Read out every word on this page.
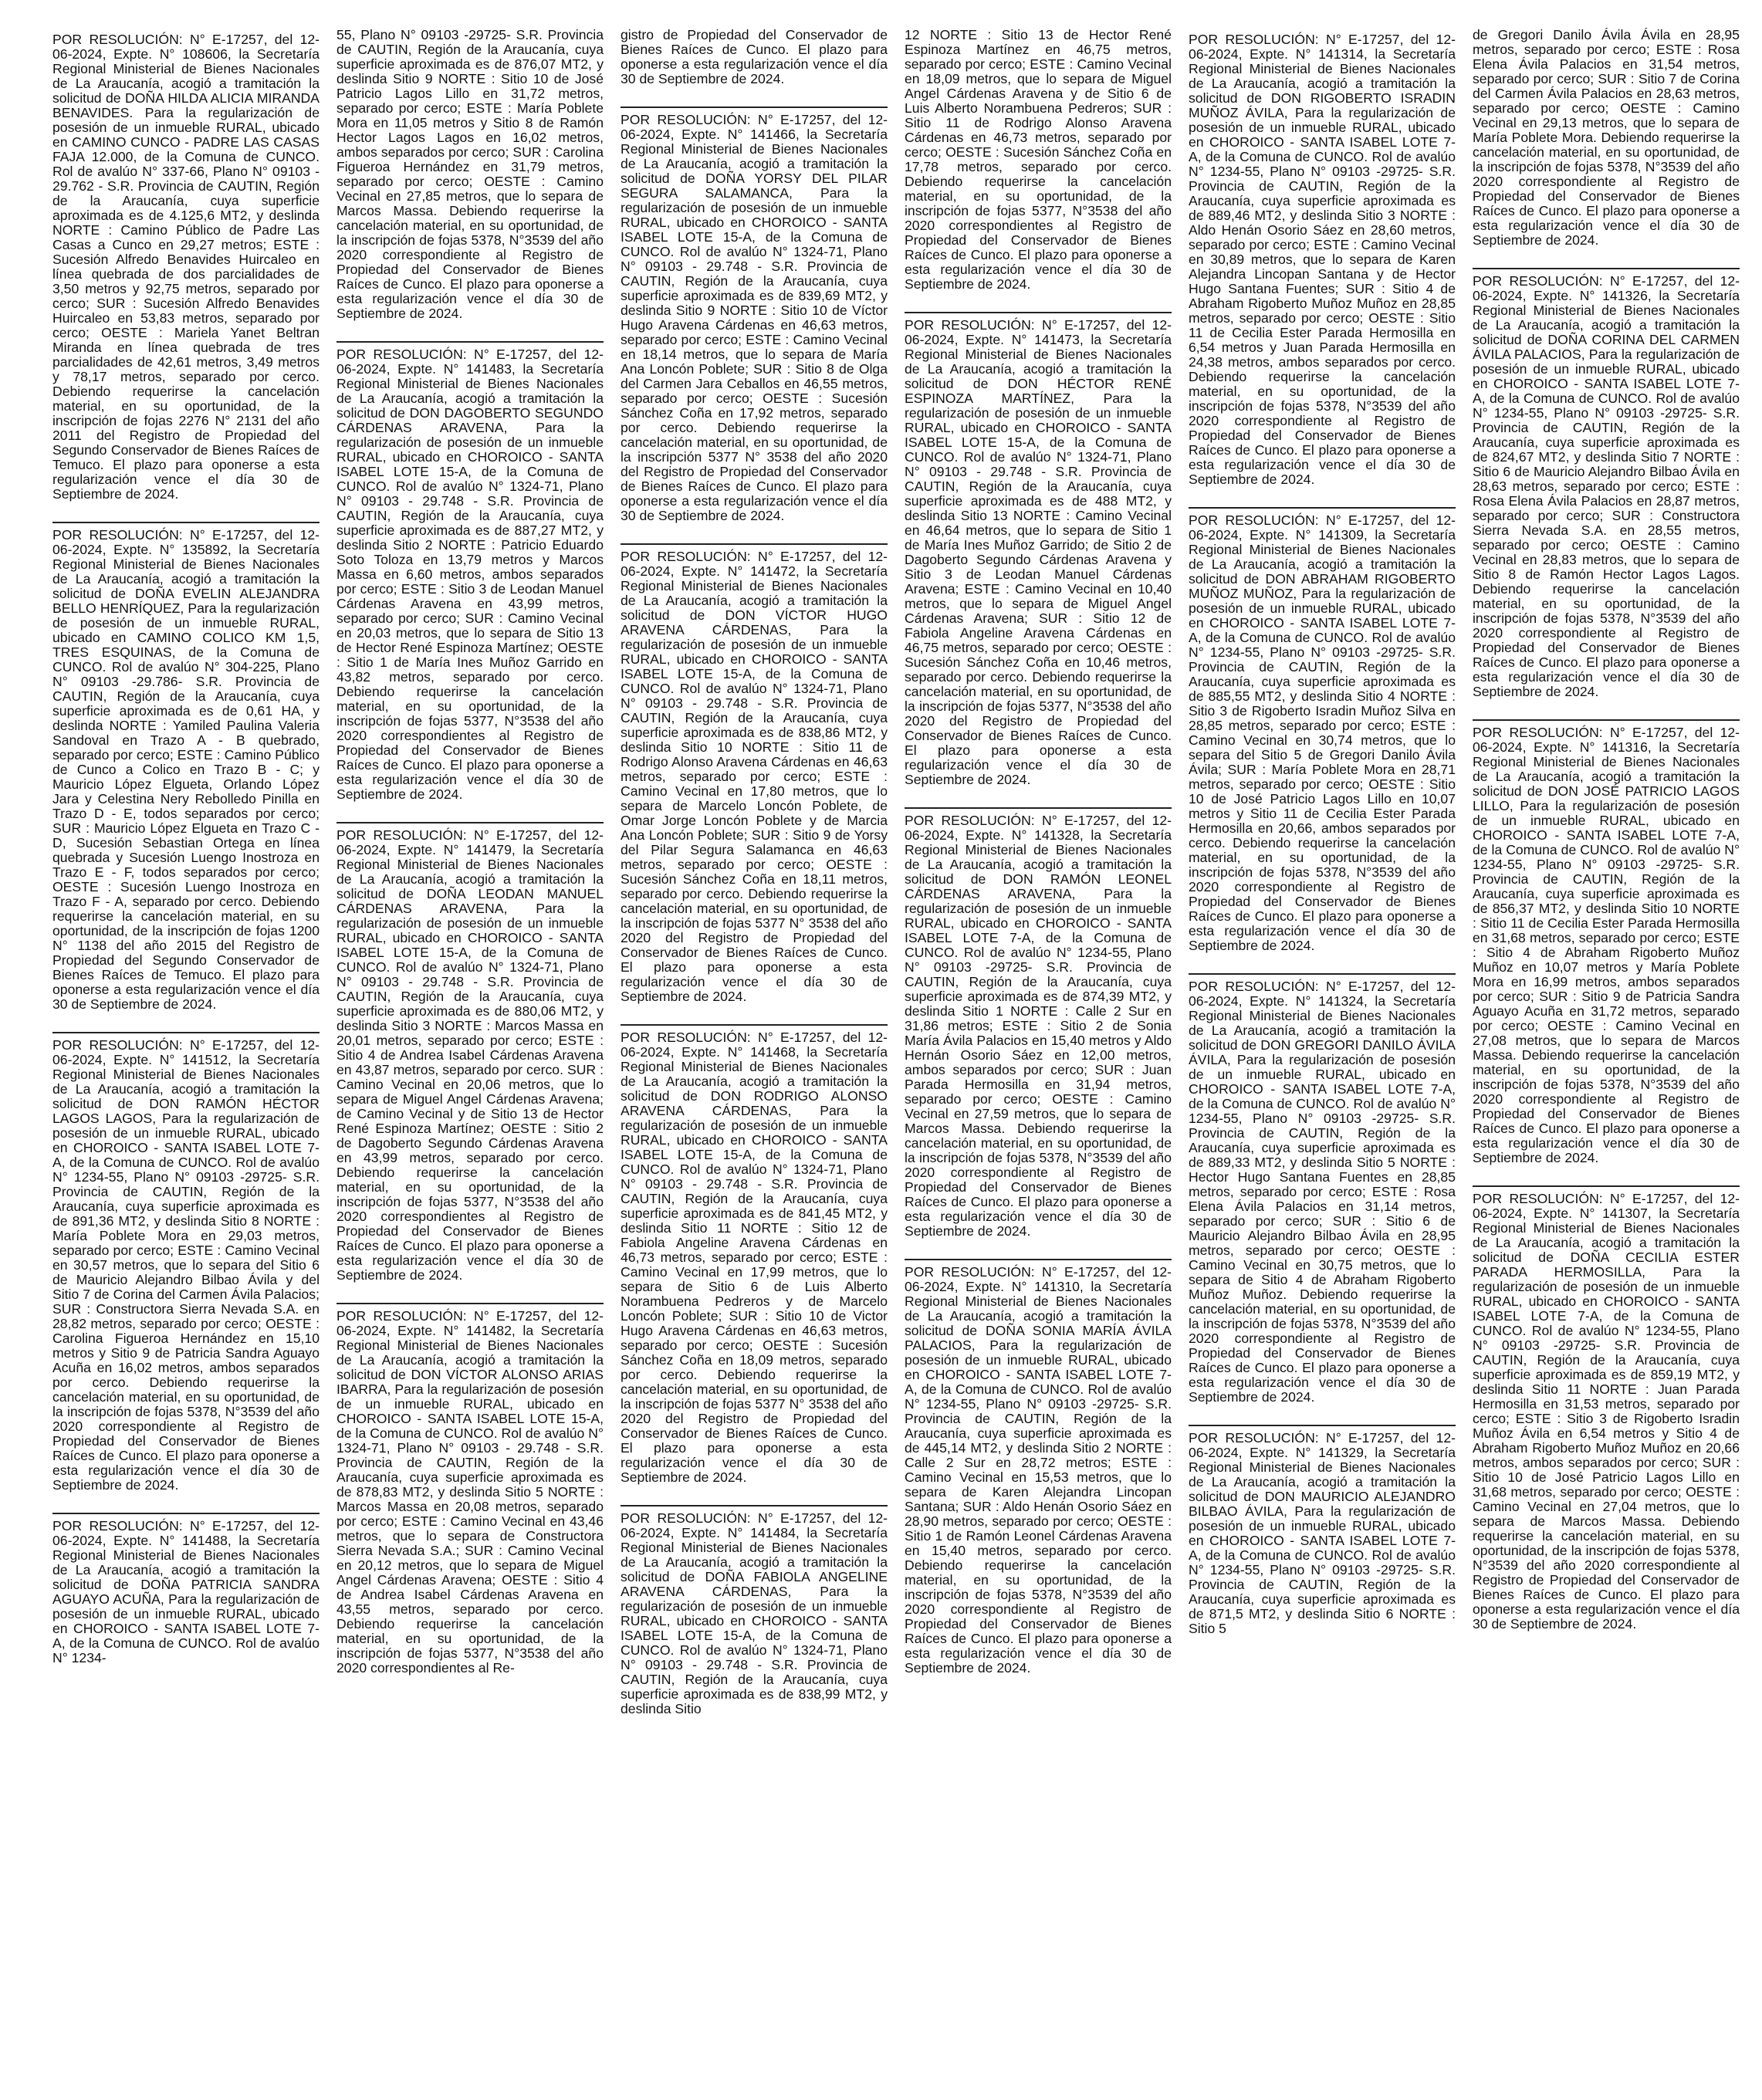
POR RESOLUCIÓN: N° E-17257, del 12-06-2024, Expte. N° 108606, la Secretaría Regional Ministerial de Bienes Nacionales de La Araucanía, acogió a tramitación la solicitud de DOÑA HILDA ALICIA MIRANDA BENAVIDES. Para la regularización de posesión de un inmueble RURAL, ubicado en CAMINO CUNCO - PADRE LAS CASAS FAJA 12.000, de la Comuna de CUNCO. Rol de avalúo N° 337-66, Plano N° 09103 - 29.762 - S.R. Provincia de CAUTIN, Región de la Araucanía, cuya superficie aproximada es de 4.125,6 MT2, y deslinda NORTE : Camino Público de Padre Las Casas a Cunco en 29,27 metros; ESTE : Sucesión Alfredo Benavides Huircaleo en línea quebrada de dos parcialidades de 3,50 metros y 92,75 metros, separado por cerco; SUR : Sucesión Alfredo Benavides Huircaleo en 53,83 metros, separado por cerco; OESTE : Mariela Yanet Beltran Miranda en línea quebrada de tres parcialidades de 42,61 metros, 3,49 metros y 78,17 metros, separado por cerco. Debiendo requerirse la cancelación material, en su oportunidad, de la inscripción de fojas 2276 N° 2131 del año 2011 del Registro de Propiedad del Segundo Conservador de Bienes Raíces de Temuco. El plazo para oponerse a esta regularización vence el día 30 de Septiembre de 2024.

POR RESOLUCIÓN: N° E-17257, del 12-06-2024, Expte. N° 135892, la Secretaría Regional Ministerial de Bienes Nacionales de La Araucanía, acogió a tramitación la solicitud de DOÑA EVELIN ALEJANDRA BELLO HENRÍQUEZ, Para la regularización de posesión de un inmueble RURAL, ubicado en CAMINO COLICO KM 1,5, TRES ESQUINAS, de la Comuna de CUNCO. Rol de avalúo N° 304-225, Plano N° 09103 -29.786- S.R. Provincia de CAUTIN, Región de la Araucanía, cuya superficie aproximada es de 0,61 HA, y deslinda NORTE : Yamiled Paulina Valeria Sandoval en Trazo A - B quebrado, separado por cerco; ESTE : Camino Público de Cunco a Colico en Trazo B - C; y Mauricio López Elgueta, Orlando López Jara y Celestina Nery Rebolledo Pinilla en Trazo D - E, todos separados por cerco; SUR : Mauricio López Elgueta en Trazo C - D, Sucesión Sebastian Ortega en línea quebrada y Sucesión Luengo Inostroza en Trazo E - F, todos separados por cerco; OESTE : Sucesión Luengo Inostroza en Trazo F - A, separado por cerco. Debiendo requerirse la cancelación material, en su oportunidad, de la inscripción de fojas 1200 N° 1138 del año 2015 del Registro de Propiedad del Segundo Conservador de Bienes Raíces de Temuco. El plazo para oponerse a esta regularización vence el día 30 de Septiembre de 2024.

POR RESOLUCIÓN: N° E-17257, del 12-06-2024, Expte. N° 141512, la Secretaría Regional Ministerial de Bienes Nacionales de La Araucanía, acogió a tramitación la solicitud de DON RAMÓN HÉCTOR LAGOS LAGOS, Para la regularización de posesión de un inmueble RURAL, ubicado en CHOROICO - SANTA ISABEL LOTE 7-A, de la Comuna de CUNCO. Rol de avalúo N° 1234-55, Plano N° 09103 -29725- S.R. Provincia de CAUTIN, Región de la Araucanía, cuya superficie aproximada es de 891,36 MT2, y deslinda Sitio 8 NORTE : María Poblete Mora en 29,03 metros, separado por cerco; ESTE : Camino Vecinal en 30,57 metros, que lo separa del Sitio 6 de Mauricio Alejandro Bilbao Ávila y del Sitio 7 de Corina del Carmen Ávila Palacios; SUR : Constructora Sierra Nevada S.A. en 28,82 metros, separado por cerco; OESTE : Carolina Figueroa Hernández en 15,10 metros y Sitio 9 de Patricia Sandra Aguayo Acuña en 16,02 metros, ambos separados por cerco. Debiendo requerirse la cancelación material, en su oportunidad, de la inscripción de fojas 5378, N°3539 del año 2020 correspondiente al Registro de Propiedad del Conservador de Bienes Raíces de Cunco. El plazo para oponerse a esta regularización vence el día 30 de Septiembre de 2024.

POR RESOLUCIÓN: N° E-17257, del 12-06-2024, Expte. N° 141488, la Secretaría Regional Ministerial de Bienes Nacionales de La Araucanía, acogió a tramitación la solicitud de DOÑA PATRICIA SANDRA AGUAYO ACUÑA, Para la regularización de posesión de un inmueble RURAL, ubicado en CHOROICO - SANTA ISABEL LOTE 7-A, de la Comuna de CUNCO. Rol de avalúo N° 1234-

55, Plano N° 09103 -29725- S.R. Provincia de CAUTIN, Región de la Araucanía, cuya superficie aproximada es de 876,07 MT2, y deslinda Sitio 9 NORTE : Sitio 10 de José Patricio Lagos Lillo en 31,72 metros, separado por cerco; ESTE : María Poblete Mora en 11,05 metros y Sitio 8 de Ramón Hector Lagos Lagos en 16,02 metros, ambos separados por cerco; SUR : Carolina Figueroa Hernández en 31,79 metros, separado por cerco; OESTE : Camino Vecinal en 27,85 metros, que lo separa de Marcos Massa. Debiendo requerirse la cancelación material, en su oportunidad, de la inscripción de fojas 5378, N°3539 del año 2020 correspondiente al Registro de Propiedad del Conservador de Bienes Raíces de Cunco. El plazo para oponerse a esta regularización vence el día 30 de Septiembre de 2024.

POR RESOLUCIÓN: N° E-17257, del 12-06-2024, Expte. N° 141483, la Secretaría Regional Ministerial de Bienes Nacionales de La Araucanía, acogió a tramitación la solicitud de DON DAGOBERTO SEGUNDO CÁRDENAS ARAVENA, Para la regularización de posesión de un inmueble RURAL, ubicado en CHOROICO - SANTA ISABEL LOTE 15-A, de la Comuna de CUNCO. Rol de avalúo N° 1324-71, Plano N° 09103 - 29.748 - S.R. Provincia de CAUTIN, Región de la Araucanía, cuya superficie aproximada es de 887,27 MT2, y deslinda Sitio 2 NORTE : Patricio Eduardo Soto Toloza en 13,79 metros y Marcos Massa en 6,60 metros, ambos separados por cerco; ESTE : Sitio 3 de Leodan Manuel Cárdenas Aravena en 43,99 metros, separado por cerco; SUR : Camino Vecinal en 20,03 metros, que lo separa de Sitio 13 de Hector René Espinoza Martínez; OESTE : Sitio 1 de María Ines Muñoz Garrido en 43,82 metros, separado por cerco. Debiendo requerirse la cancelación material, en su oportunidad, de la inscripción de fojas 5377, N°3538 del año 2020 correspondientes al Registro de Propiedad del Conservador de Bienes Raíces de Cunco. El plazo para oponerse a esta regularización vence el día 30 de Septiembre de 2024.

POR RESOLUCIÓN: N° E-17257, del 12-06-2024, Expte. N° 141479, la Secretaría Regional Ministerial de Bienes Nacionales de La Araucanía, acogió a tramitación la solicitud de DOÑA LEODAN MANUEL CÁRDENAS ARAVENA, Para la regularización de posesión de un inmueble RURAL, ubicado en CHOROICO - SANTA ISABEL LOTE 15-A, de la Comuna de CUNCO. Rol de avalúo N° 1324-71, Plano N° 09103 - 29.748 - S.R. Provincia de CAUTIN, Región de la Araucanía, cuya superficie aproximada es de 880,06 MT2, y deslinda Sitio 3 NORTE : Marcos Massa en 20,01 metros, separado por cerco; ESTE : Sitio 4 de Andrea Isabel Cárdenas Aravena en 43,87 metros, separado por cerco. SUR : Camino Vecinal en 20,06 metros, que lo separa de Miguel Angel Cárdenas Aravena; de Camino Vecinal y de Sitio 13 de Hector René Espinoza Martínez; OESTE : Sitio 2 de Dagoberto Segundo Cárdenas Aravena en 43,99 metros, separado por cerco. Debiendo requerirse la cancelación material, en su oportunidad, de la inscripción de fojas 5377, N°3538 del año 2020 correspondientes al Registro de Propiedad del Conservador de Bienes Raíces de Cunco. El plazo para oponerse a esta regularización vence el día 30 de Septiembre de 2024.

POR RESOLUCIÓN: N° E-17257, del 12-06-2024, Expte. N° 141482, la Secretaría Regional Ministerial de Bienes Nacionales de La Araucanía, acogió a tramitación la solicitud de DON VÍCTOR ALONSO ARIAS IBARRA, Para la regularización de posesión de un inmueble RURAL, ubicado en CHOROICO - SANTA ISABEL LOTE 15-A, de la Comuna de CUNCO. Rol de avalúo N° 1324-71, Plano N° 09103 - 29.748 - S.R. Provincia de CAUTIN, Región de la Araucanía, cuya superficie aproximada es de 878,83 MT2, y deslinda Sitio 5 NORTE : Marcos Massa en 20,08 metros, separado por cerco; ESTE : Camino Vecinal en 43,46 metros, que lo separa de Constructora Sierra Nevada S.A.; SUR : Camino Vecinal en 20,12 metros, que lo separa de Miguel Angel Cárdenas Aravena; OESTE : Sitio 4 de Andrea Isabel Cárdenas Aravena en 43,55 metros, separado por cerco. Debiendo requerirse la cancelación material, en su oportunidad, de la inscripción de fojas 5377, N°3538 del año 2020 correspondientes al Re-

gistro de Propiedad del Conservador de Bienes Raíces de Cunco. El plazo para oponerse a esta regularización vence el día 30 de Septiembre de 2024.

POR RESOLUCIÓN: N° E-17257, del 12-06-2024, Expte. N° 141466, la Secretaría Regional Ministerial de Bienes Nacionales de La Araucanía, acogió a tramitación la solicitud de DOÑA YORSY DEL PILAR SEGURA SALAMANCA, Para la regularización de posesión de un inmueble RURAL, ubicado en CHOROICO - SANTA ISABEL LOTE 15-A, de la Comuna de CUNCO. Rol de avalúo N° 1324-71, Plano N° 09103 - 29.748 - S.R. Provincia de CAUTIN, Región de la Araucanía, cuya superficie aproximada es de 839,69 MT2, y deslinda Sitio 9 NORTE : Sitio 10 de Víctor Hugo Aravena Cárdenas en 46,63 metros, separado por cerco; ESTE : Camino Vecinal en 18,14 metros, que lo separa de María Ana Loncón Poblete; SUR : Sitio 8 de Olga del Carmen Jara Ceballos en 46,55 metros, separado por cerco; OESTE : Sucesión Sánchez Coña en 17,92 metros, separado por cerco. Debiendo requerirse la cancelación material, en su oportunidad, de la inscripción 5377 N° 3538 del año 2020 del Registro de Propiedad del Conservador de Bienes Raíces de Cunco. El plazo para oponerse a esta regularización vence el día 30 de Septiembre de 2024.

POR RESOLUCIÓN: N° E-17257, del 12-06-2024, Expte. N° 141472, la Secretaría Regional Ministerial de Bienes Nacionales de La Araucanía, acogió a tramitación la solicitud de DON VÍCTOR HUGO ARAVENA CÁRDENAS, Para la regularización de posesión de un inmueble RURAL, ubicado en CHOROICO - SANTA ISABEL LOTE 15-A, de la Comuna de CUNCO. Rol de avalúo N° 1324-71, Plano N° 09103 - 29.748 - S.R. Provincia de CAUTIN, Región de la Araucanía, cuya superficie aproximada es de 838,86 MT2, y deslinda Sitio 10 NORTE : Sitio 11 de Rodrigo Alonso Aravena Cárdenas en 46,63 metros, separado por cerco; ESTE : Camino Vecinal en 17,80 metros, que lo separa de Marcelo Loncón Poblete, de Omar Jorge Loncón Poblete y de Marcia Ana Loncón Poblete; SUR : Sitio 9 de Yorsy del Pilar Segura Salamanca en 46,63 metros, separado por cerco; OESTE : Sucesión Sánchez Coña en 18,11 metros, separado por cerco. Debiendo requerirse la cancelación material, en su oportunidad, de la inscripción de fojas 5377 N° 3538 del año 2020 del Registro de Propiedad del Conservador de Bienes Raíces de Cunco. El plazo para oponerse a esta regularización vence el día 30 de Septiembre de 2024.

POR RESOLUCIÓN: N° E-17257, del 12-06-2024, Expte. N° 141468, la Secretaría Regional Ministerial de Bienes Nacionales de La Araucanía, acogió a tramitación la solicitud de DON RODRIGO ALONSO ARAVENA CÁRDENAS, Para la regularización de posesión de un inmueble RURAL, ubicado en CHOROICO - SANTA ISABEL LOTE 15-A, de la Comuna de CUNCO. Rol de avalúo N° 1324-71, Plano N° 09103 - 29.748 - S.R. Provincia de CAUTIN, Región de la Araucanía, cuya superficie aproximada es de 841,45 MT2, y deslinda Sitio 11 NORTE : Sitio 12 de Fabiola Angeline Aravena Cárdenas en 46,73 metros, separado por cerco; ESTE : Camino Vecinal en 17,99 metros, que lo separa de Sitio 6 de Luis Alberto Norambuena Pedreros y de Marcelo Loncón Poblete; SUR : Sitio 10 de Victor Hugo Aravena Cárdenas en 46,63 metros, separado por cerco; OESTE : Sucesión Sánchez Coña en 18,09 metros, separado por cerco. Debiendo requerirse la cancelación material, en su oportunidad, de la inscripción de fojas 5377 N° 3538 del año 2020 del Registro de Propiedad del Conservador de Bienes Raíces de Cunco. El plazo para oponerse a esta regularización vence el día 30 de Septiembre de 2024.

POR RESOLUCIÓN: N° E-17257, del 12-06-2024, Expte. N° 141484, la Secretaría Regional Ministerial de Bienes Nacionales de La Araucanía, acogió a tramitación la solicitud de DOÑA FABIOLA ANGELINE ARAVENA CÁRDENAS, Para la regularización de posesión de un inmueble RURAL, ubicado en CHOROICO - SANTA ISABEL LOTE 15-A, de la Comuna de CUNCO. Rol de avalúo N° 1324-71, Plano N° 09103 - 29.748 - S.R. Provincia de CAUTIN, Región de la Araucanía, cuya superficie aproximada es de 838,99 MT2, y deslinda Sitio

12 NORTE : Sitio 13 de Hector René Espinoza Martínez en 46,75 metros, separado por cerco; ESTE : Camino Vecinal en 18,09 metros, que lo separa de Miguel Angel Cárdenas Aravena y de Sitio 6 de Luis Alberto Norambuena Pedreros; SUR : Sitio 11 de Rodrigo Alonso Aravena Cárdenas en 46,73 metros, separado por cerco; OESTE : Sucesión Sánchez Coña en 17,78 metros, separado por cerco. Debiendo requerirse la cancelación material, en su oportunidad, de la inscripción de fojas 5377, N°3538 del año 2020 correspondientes al Registro de Propiedad del Conservador de Bienes Raíces de Cunco. El plazo para oponerse a esta regularización vence el día 30 de Septiembre de 2024.

POR RESOLUCIÓN: N° E-17257, del 12-06-2024, Expte. N° 141473, la Secretaría Regional Ministerial de Bienes Nacionales de La Araucanía, acogió a tramitación la solicitud de DON HÉCTOR RENÉ ESPINOZA MARTÍNEZ, Para la regularización de posesión de un inmueble RURAL, ubicado en CHOROICO - SANTA ISABEL LOTE 15-A, de la Comuna de CUNCO. Rol de avalúo N° 1324-71, Plano N° 09103 - 29.748 - S.R. Provincia de CAUTIN, Región de la Araucanía, cuya superficie aproximada es de 488 MT2, y deslinda Sitio 13 NORTE : Camino Vecinal en 46,64 metros, que lo separa de Sitio 1 de María Ines Muñoz Garrido; de Sitio 2 de Dagoberto Segundo Cárdenas Aravena y Sitio 3 de Leodan Manuel Cárdenas Aravena; ESTE : Camino Vecinal en 10,40 metros, que lo separa de Miguel Angel Cárdenas Aravena; SUR : Sitio 12 de Fabiola Angeline Aravena Cárdenas en 46,75 metros, separado por cerco; OESTE : Sucesión Sánchez Coña en 10,46 metros, separado por cerco. Debiendo requerirse la cancelación material, en su oportunidad, de la inscripción de fojas 5377, N°3538 del año 2020 del Registro de Propiedad del Conservador de Bienes Raíces de Cunco. El plazo para oponerse a esta regularización vence el día 30 de Septiembre de 2024.

POR RESOLUCIÓN: N° E-17257, del 12-06-2024, Expte. N° 141328, la Secretaría Regional Ministerial de Bienes Nacionales de La Araucanía, acogió a tramitación la solicitud de DON RAMÓN LEONEL CÁRDENAS ARAVENA, Para la regularización de posesión de un inmueble RURAL, ubicado en CHOROICO - SANTA ISABEL LOTE 7-A, de la Comuna de CUNCO. Rol de avalúo N° 1234-55, Plano N° 09103 -29725- S.R. Provincia de CAUTIN, Región de la Araucanía, cuya superficie aproximada es de 874,39 MT2, y deslinda Sitio 1 NORTE : Calle 2 Sur en 31,86 metros; ESTE : Sitio 2 de Sonia María Ávila Palacios en 15,40 metros y Aldo Hernán Osorio Sáez en 12,00 metros, ambos separados por cerco; SUR : Juan Parada Hermosilla en 31,94 metros, separado por cerco; OESTE : Camino Vecinal en 27,59 metros, que lo separa de Marcos Massa. Debiendo requerirse la cancelación material, en su oportunidad, de la inscripción de fojas 5378, N°3539 del año 2020 correspondiente al Registro de Propiedad del Conservador de Bienes Raíces de Cunco. El plazo para oponerse a esta regularización vence el día 30 de Septiembre de 2024.

POR RESOLUCIÓN: N° E-17257, del 12-06-2024, Expte. N° 141310, la Secretaría Regional Ministerial de Bienes Nacionales de La Araucanía, acogió a tramitación la solicitud de DOÑA SONIA MARÍA ÁVILA PALACIOS, Para la regularización de posesión de un inmueble RURAL, ubicado en CHOROICO - SANTA ISABEL LOTE 7-A, de la Comuna de CUNCO. Rol de avalúo N° 1234-55, Plano N° 09103 -29725- S.R. Provincia de CAUTIN, Región de la Araucanía, cuya superficie aproximada es de 445,14 MT2, y deslinda Sitio 2 NORTE : Calle 2 Sur en 28,72 metros; ESTE : Camino Vecinal en 15,53 metros, que lo separa de Karen Alejandra Lincopan Santana; SUR : Aldo Henán Osorio Sáez en 28,90 metros, separado por cerco; OESTE : Sitio 1 de Ramón Leonel Cárdenas Aravena en 15,40 metros, separado por cerco. Debiendo requerirse la cancelación material, en su oportunidad, de la inscripción de fojas 5378, N°3539 del año 2020 correspondiente al Registro de Propiedad del Conservador de Bienes Raíces de Cunco. El plazo para oponerse a esta regularización vence el día 30 de Septiembre de 2024.

POR RESOLUCIÓN: N° E-17257, del 12-06-2024, Expte. N° 141314, la Secretaría Regional Ministerial de Bienes Nacionales de La Araucanía, acogió a tramitación la solicitud de DON RIGOBERTO ISRADIN MUÑOZ ÁVILA, Para la regularización de posesión de un inmueble RURAL, ubicado en CHOROICO - SANTA ISABEL LOTE 7-A, de la Comuna de CUNCO. Rol de avalúo N° 1234-55, Plano N° 09103 -29725- S.R. Provincia de CAUTIN, Región de la Araucanía, cuya superficie aproximada es de 889,46 MT2, y deslinda Sitio 3 NORTE : Aldo Henán Osorio Sáez en 28,60 metros, separado por cerco; ESTE : Camino Vecinal en 30,89 metros, que lo separa de Karen Alejandra Lincopan Santana y de Hector Hugo Santana Fuentes; SUR : Sitio 4 de Abraham Rigoberto Muñoz Muñoz en 28,85 metros, separado por cerco; OESTE : Sitio 11 de Cecilia Ester Parada Hermosilla en 6,54 metros y Juan Parada Hermosilla en 24,38 metros, ambos separados por cerco. Debiendo requerirse la cancelación material, en su oportunidad, de la inscripción de fojas 5378, N°3539 del año 2020 correspondiente al Registro de Propiedad del Conservador de Bienes Raíces de Cunco. El plazo para oponerse a esta regularización vence el día 30 de Septiembre de 2024.

POR RESOLUCIÓN: N° E-17257, del 12-06-2024, Expte. N° 141309, la Secretaría Regional Ministerial de Bienes Nacionales de La Araucanía, acogió a tramitación la solicitud de DON ABRAHAM RIGOBERTO MUÑOZ MUÑOZ, Para la regularización de posesión de un inmueble RURAL, ubicado en CHOROICO - SANTA ISABEL LOTE 7-A, de la Comuna de CUNCO. Rol de avalúo N° 1234-55, Plano N° 09103 -29725- S.R. Provincia de CAUTIN, Región de la Araucanía, cuya superficie aproximada es de 885,55 MT2, y deslinda Sitio 4 NORTE : Sitio 3 de Rigoberto Isradin Muñoz Silva en 28,85 metros, separado por cerco; ESTE : Camino Vecinal en 30,74 metros, que lo separa del Sitio 5 de Gregori Danilo Ávila Ávila; SUR : María Poblete Mora en 28,71 metros, separado por cerco; OESTE : Sitio 10 de José Patricio Lagos Lillo en 10,07 metros y Sitio 11 de Cecilia Ester Parada Hermosilla en 20,66, ambos separados por cerco. Debiendo requerirse la cancelación material, en su oportunidad, de la inscripción de fojas 5378, N°3539 del año 2020 correspondiente al Registro de Propiedad del Conservador de Bienes Raíces de Cunco. El plazo para oponerse a esta regularización vence el día 30 de Septiembre de 2024.

POR RESOLUCIÓN: N° E-17257, del 12-06-2024, Expte. N° 141324, la Secretaría Regional Ministerial de Bienes Nacionales de La Araucanía, acogió a tramitación la solicitud de DON GREGORI DANILO ÁVILA ÁVILA, Para la regularización de posesión de un inmueble RURAL, ubicado en CHOROICO - SANTA ISABEL LOTE 7-A, de la Comuna de CUNCO. Rol de avalúo N° 1234-55, Plano N° 09103 -29725- S.R. Provincia de CAUTIN, Región de la Araucanía, cuya superficie aproximada es de 889,33 MT2, y deslinda Sitio 5 NORTE : Hector Hugo Santana Fuentes en 28,85 metros, separado por cerco; ESTE : Rosa Elena Ávila Palacios en 31,14 metros, separado por cerco; SUR : Sitio 6 de Mauricio Alejandro Bilbao Ávila en 28,95 metros, separado por cerco; OESTE : Camino Vecinal en 30,75 metros, que lo separa de Sitio 4 de Abraham Rigoberto Muñoz Muñoz. Debiendo requerirse la cancelación material, en su oportunidad, de la inscripción de fojas 5378, N°3539 del año 2020 correspondiente al Registro de Propiedad del Conservador de Bienes Raíces de Cunco. El plazo para oponerse a esta regularización vence el día 30 de Septiembre de 2024.

POR RESOLUCIÓN: N° E-17257, del 12-06-2024, Expte. N° 141329, la Secretaría Regional Ministerial de Bienes Nacionales de La Araucanía, acogió a tramitación la solicitud de DON MAURICIO ALEJANDRO BILBAO ÁVILA, Para la regularización de posesión de un inmueble RURAL, ubicado en CHOROICO - SANTA ISABEL LOTE 7-A, de la Comuna de CUNCO. Rol de avalúo N° 1234-55, Plano N° 09103 -29725- S.R. Provincia de CAUTIN, Región de la Araucanía, cuya superficie aproximada es de 871,5 MT2, y deslinda Sitio 6 NORTE : Sitio 5

de Gregori Danilo Ávila Ávila en 28,95 metros, separado por cerco; ESTE : Rosa Elena Ávila Palacios en 31,54 metros, separado por cerco; SUR : Sitio 7 de Corina del Carmen Ávila Palacios en 28,63 metros, separado por cerco; OESTE : Camino Vecinal en 29,13 metros, que lo separa de María Poblete Mora. Debiendo requerirse la cancelación material, en su oportunidad, de la inscripción de fojas 5378, N°3539 del año 2020 correspondiente al Registro de Propiedad del Conservador de Bienes Raíces de Cunco. El plazo para oponerse a esta regularización vence el día 30 de Septiembre de 2024.

POR RESOLUCIÓN: N° E-17257, del 12-06-2024, Expte. N° 141326, la Secretaría Regional Ministerial de Bienes Nacionales de La Araucanía, acogió a tramitación la solicitud de DOÑA CORINA DEL CARMEN ÁVILA PALACIOS, Para la regularización de posesión de un inmueble RURAL, ubicado en CHOROICO - SANTA ISABEL LOTE 7-A, de la Comuna de CUNCO. Rol de avalúo N° 1234-55, Plano N° 09103 -29725- S.R. Provincia de CAUTIN, Región de la Araucanía, cuya superficie aproximada es de 824,67 MT2, y deslinda Sitio 7 NORTE : Sitio 6 de Mauricio Alejandro Bilbao Ávila en 28,63 metros, separado por cerco; ESTE : Rosa Elena Ávila Palacios en 28,87 metros, separado por cerco; SUR : Constructora Sierra Nevada S.A. en 28,55 metros, separado por cerco; OESTE : Camino Vecinal en 28,83 metros, que lo separa de Sitio 8 de Ramón Hector Lagos Lagos. Debiendo requerirse la cancelación material, en su oportunidad, de la inscripción de fojas 5378, N°3539 del año 2020 correspondiente al Registro de Propiedad del Conservador de Bienes Raíces de Cunco. El plazo para oponerse a esta regularización vence el día 30 de Septiembre de 2024.

POR RESOLUCIÓN: N° E-17257, del 12-06-2024, Expte. N° 141316, la Secretaría Regional Ministerial de Bienes Nacionales de La Araucanía, acogió a tramitación la solicitud de DON JOSÉ PATRICIO LAGOS LILLO, Para la regularización de posesión de un inmueble RURAL, ubicado en CHOROICO - SANTA ISABEL LOTE 7-A, de la Comuna de CUNCO. Rol de avalúo N° 1234-55, Plano N° 09103 -29725- S.R. Provincia de CAUTIN, Región de la Araucanía, cuya superficie aproximada es de 856,37 MT2, y deslinda Sitio 10 NORTE : Sitio 11 de Cecilia Ester Parada Hermosilla en 31,68 metros, separado por cerco; ESTE : Sitio 4 de Abraham Rigoberto Muñoz Muñoz en 10,07 metros y María Poblete Mora en 16,99 metros, ambos separados por cerco; SUR : Sitio 9 de Patricia Sandra Aguayo Acuña en 31,72 metros, separado por cerco; OESTE : Camino Vecinal en 27,08 metros, que lo separa de Marcos Massa. Debiendo requerirse la cancelación material, en su oportunidad, de la inscripción de fojas 5378, N°3539 del año 2020 correspondiente al Registro de Propiedad del Conservador de Bienes Raíces de Cunco. El plazo para oponerse a esta regularización vence el día 30 de Septiembre de 2024.

POR RESOLUCIÓN: N° E-17257, del 12-06-2024, Expte. N° 141307, la Secretaría Regional Ministerial de Bienes Nacionales de La Araucanía, acogió a tramitación la solicitud de DOÑA CECILIA ESTER PARADA HERMOSILLA, Para la regularización de posesión de un inmueble RURAL, ubicado en CHOROICO - SANTA ISABEL LOTE 7-A, de la Comuna de CUNCO. Rol de avalúo N° 1234-55, Plano N° 09103 -29725- S.R. Provincia de CAUTIN, Región de la Araucanía, cuya superficie aproximada es de 859,19 MT2, y deslinda Sitio 11 NORTE : Juan Parada Hermosilla en 31,53 metros, separado por cerco; ESTE : Sitio 3 de Rigoberto Isradin Muñoz Ávila en 6,54 metros y Sitio 4 de Abraham Rigoberto Muñoz Muñoz en 20,66 metros, ambos separados por cerco; SUR : Sitio 10 de José Patricio Lagos Lillo en 31,68 metros, separado por cerco; OESTE : Camino Vecinal en 27,04 metros, que lo separa de Marcos Massa. Debiendo requerirse la cancelación material, en su oportunidad, de la inscripción de fojas 5378, N°3539 del año 2020 correspondiente al Registro de Propiedad del Conservador de Bienes Raíces de Cunco. El plazo para oponerse a esta regularización vence el día 30 de Septiembre de 2024.
